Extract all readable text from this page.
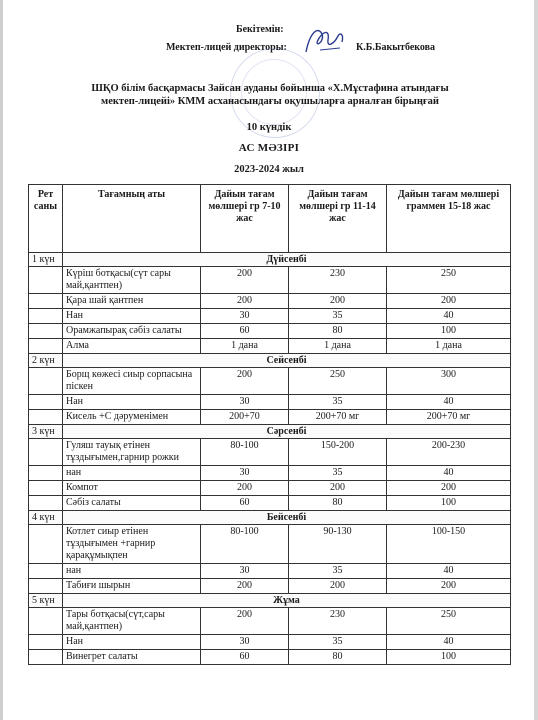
Бекітемін:
Мектеп-лицей директоры:	К.Б.Бакытбекова
ШҚО білім басқармасы Зайсан ауданы бойынша «Х.Мұстафина атындағы
мектеп-лицейі» КММ асханасындағы оқушыларға арналған бірыңғай
10 күндік
АС МӘЗІРІ
2023-2024 жыл
Рет саны	Тағамның аты	Дайын тағам мөлшері гр 7-10 жас	Дайын тағам мөлшері гр 11-14 жас	Дайын тағам мөлшері граммен 15-18 жас
1 күн	Дүйсенбі			
	Күріш ботқасы(сүт сары май,қантпен)	200	230	250
	Қара шай қантпен	200	200	200
	Нан	30	35	40
	Орамжапырақ сәбіз салаты	60	80	100
	Алма	1 дана	1 дана	1 дана
2 күн	Сейсенбі			
	Борщ көжесі сиыр сорпасына піскен	200	250	300
	Нан	30	35	40
	Кисель +С дәруменімен	200+70	200+70 мг	200+70 мг
3 күн	Сәрсенбі			
	Гуляш тауық етінен тұздығымен,гарнир рожки	80-100	150-200	200-230
	нан	30	35	40
	Компот	200	200	200
	Сәбіз салаты	60	80	100
4 күн	Бейсенбі			
	Котлет сиыр етінен тұздығымен +гарнир қарақұмықпен	80-100	90-130	100-150
	нан	30	35	40
	Табиғи шырын	200	200	200
5 күн	Жұма			
	Тары ботқасы(сүт,сары май,қантпен)	200	230	250
	Нан	30	35	40
	Винегрет салаты	60	80	100
